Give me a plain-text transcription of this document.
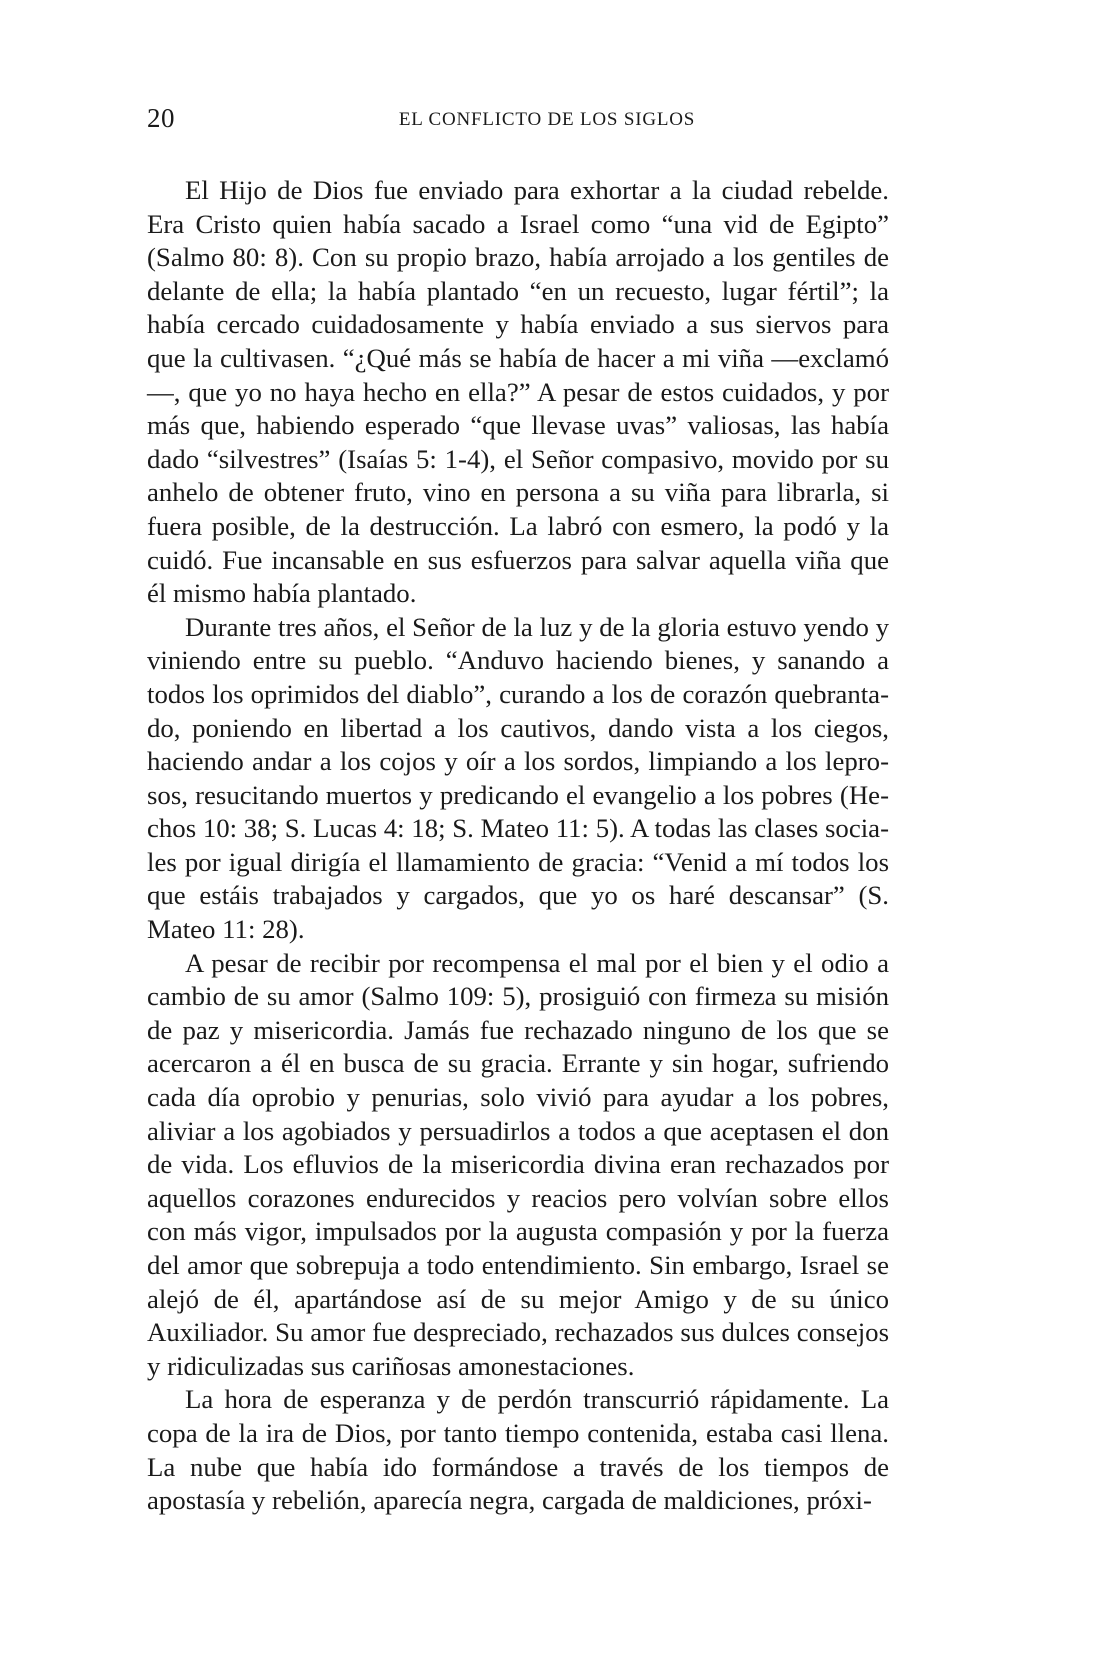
20	EL CONFLICTO DE LOS SIGLOS

El Hijo de Dios fue enviado para exhortar a la ciudad rebelde. Era Cristo quien había sacado a Israel como “una vid de Egipto” (Salmo 80: 8). Con su propio brazo, había arrojado a los gentiles de delante de ella; la había plantado “en un recuesto, lugar fértil”; la había cercado cuidadosamente y había enviado a sus siervos para que la cultivasen. “¿Qué más se había de hacer a mi viña —exclamó—, que yo no haya hecho en ella?” A pesar de estos cuidados, y por más que, habiendo esperado “que llevase uvas” valiosas, las había dado “silvestres” (Isaías 5: 1-4), el Señor compasivo, movido por su anhelo de obtener fruto, vino en persona a su viña para librarla, si fuera posible, de la destrucción. La labró con esmero, la podó y la cuidó. Fue incansable en sus esfuerzos para salvar aquella viña que él mismo había plantado.

Durante tres años, el Señor de la luz y de la gloria estuvo yendo y viniendo entre su pueblo. “Anduvo haciendo bienes, y sanando a todos los oprimidos del diablo”, curando a los de corazón quebrantado, poniendo en libertad a los cautivos, dando vista a los ciegos, haciendo andar a los cojos y oír a los sordos, limpiando a los leprosos, resucitando muertos y predicando el evangelio a los pobres (Hechos 10: 38; S. Lucas 4: 18; S. Mateo 11: 5). A todas las clases sociales por igual dirigía el llamamiento de gracia: “Venid a mí todos los que estáis trabajados y cargados, que yo os haré descansar” (S. Mateo 11: 28).

A pesar de recibir por recompensa el mal por el bien y el odio a cambio de su amor (Salmo 109: 5), prosiguió con firmeza su misión de paz y misericordia. Jamás fue rechazado ninguno de los que se acercaron a él en busca de su gracia. Errante y sin hogar, sufriendo cada día oprobio y penurias, solo vivió para ayudar a los pobres, aliviar a los agobiados y persuadirlos a todos a que aceptasen el don de vida. Los efluvios de la misericordia divina eran rechazados por aquellos corazones endurecidos y reacios pero volvían sobre ellos con más vigor, impulsados por la augusta compasión y por la fuerza del amor que sobrepuja a todo entendimiento. Sin embargo, Israel se alejó de él, apartándose así de su mejor Amigo y de su único Auxiliador. Su amor fue despreciado, rechazados sus dulces consejos y ridiculizadas sus cariñosas amonestaciones.

La hora de esperanza y de perdón transcurrió rápidamente. La copa de la ira de Dios, por tanto tiempo contenida, estaba casi llena. La nube que había ido formándose a través de los tiempos de apostasía y rebelión, aparecía negra, cargada de maldiciones, próxi-
